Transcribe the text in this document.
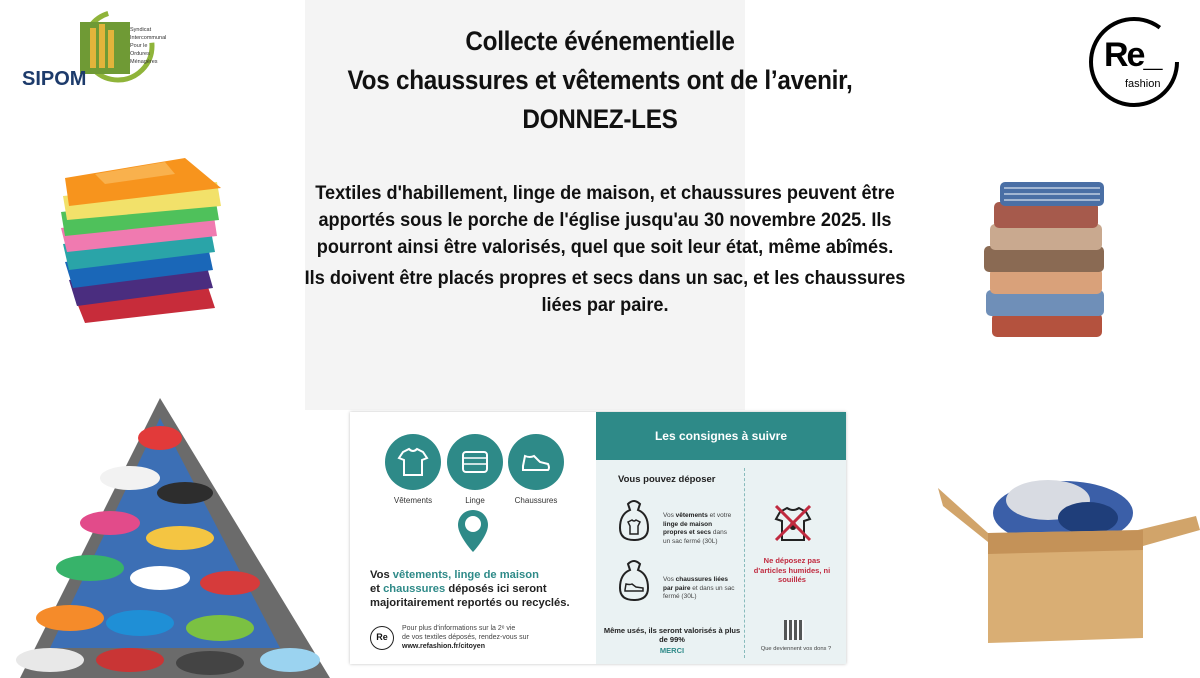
SIPOM
Syndicat
Intercommunal
Pour le
Ordures
Ménagères	Re_
fashion
Collecte événementielle
Vos chaussures et vêtements ont de l’avenir,
DONNEZ-LES

Textiles d'habillement, linge de maison, et chaussures peuvent être apportés sous le porche de l'église jusqu'au 30 novembre 2025. Ils pourront ainsi être valorisés, quel que soit leur état, même abîmés.

Ils doivent être placés propres et secs dans un sac, et les chaussures liées par paire.

Vêtements	Linge	Chaussures
Vos vêtements, linge de maison
et chaussures déposés ici seront majoritairement reportés ou recyclés.
Re
Pour plus d'informations sur la 2ᵉ vie
de vos textiles déposés, rendez-vous sur
www.refashion.fr/citoyen
Les consignes à suivre
Vous pouvez déposer
Vos vêtements et votre linge de maison propres et secs dans un sac fermé (30L)
Vos chaussures liées par paire et dans un sac fermé (30L)
Même usés, ils seront valorisés à plus de 99%
MERCI
Ne déposez pas d'articles humides, ni souillés
Que deviennent vos dons ?
